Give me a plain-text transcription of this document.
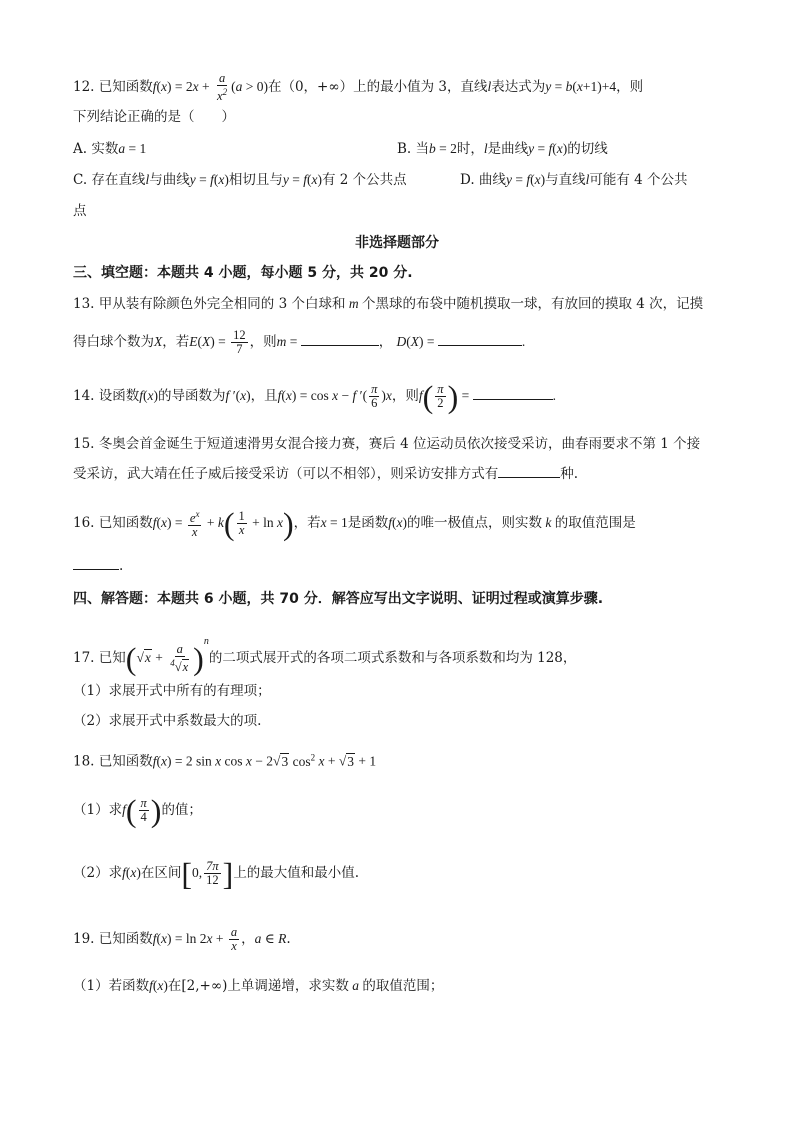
12. 已知函数$f(x) = 2x + \frac{a}{x^2} (a > 0)$在（0，+∞）上的最小值为 3，直线l表达式为y = b(x+1)+4，则
下列结论正确的是（　　）
A. 实数a = 1	B. 当b = 2时，l是曲线y = f(x)的切线
C. 存在直线l与曲线y = f(x)相切且与y = f(x)有 2 个公共点	D. 曲线y = f(x)与直线l可能有 4 个公共
点
非选择题部分
三、填空题：本题共 4 小题，每小题 5 分，共 20 分.
13. 甲从装有除颜色外完全相同的 3 个白球和 m 个黑球的布袋中随机摸取一球，有放回的摸取 4 次，记摸
得白球个数为X，若$E(X) = \frac{12}{7}$ ，则m =	， D(X) =	.
14. 设函数f(x)的导函数为f ′(x)，且f(x) = cos x − f ′( $\frac{\pi}{6} )x$，则$f( \frac{\pi}{2}$ ) =	.
15. 冬奥会首金诞生于短道速滑男女混合接力赛，赛后 4 位运动员依次接受采访，曲春雨要求不第 1 个接
受采访，武大靖在任子威后接受采访（可以不相邻），则采访安排方式有	种.
16. 已知函数$f(x) = \frac{e^x}{x} + k( \frac{1}{x} + \ln x)$，若x = 1是函数f(x)的唯一极值点，则实数 k 的取值范围是
.
四、解答题：本题共 6 小题，共 70 分．解答应写出文字说明、证明过程或演算步骤.
17. 已知$(√x + \frac{a}{^4√x} )^n$的二项式展开式的各项二项式系数和与各项系数和均为 128，
（1）求展开式中所有的有理项；
（2）求展开式中系数最大的项.
18. 已知函数f(x) = 2 sin x cos x − 2√3 $\cos^2 x + √3 + 1$
（1）求$f( \frac{\pi}{4}$ )的值；
（2）求f(x)在区间[0, $\frac{7\pi}{12}$ ]上的最大值和最小值.
19. 已知函数$f(x) = \ln 2x + \frac{a}{x}$ ，a ∈ R.
（1）若函数f(x)在[2,+∞)上单调递增，求实数 a 的取值范围；
